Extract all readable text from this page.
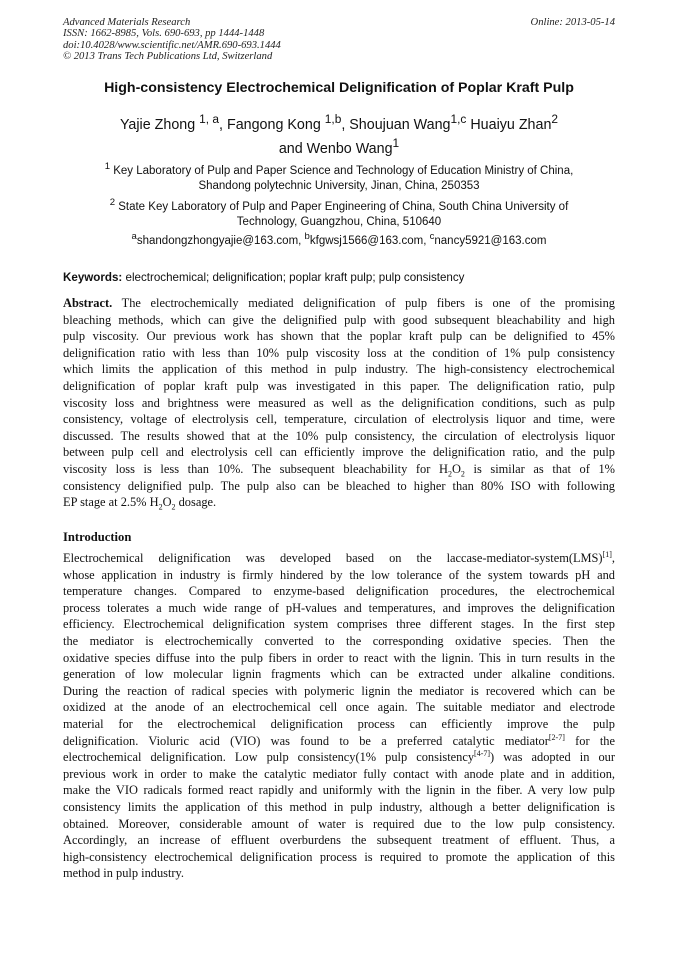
Advanced Materials Research
ISSN: 1662-8985, Vols. 690-693, pp 1444-1448
doi:10.4028/www.scientific.net/AMR.690-693.1444
© 2013 Trans Tech Publications Ltd, Switzerland
Online: 2013-05-14
High-consistency Electrochemical Delignification of Poplar Kraft Pulp
Yajie Zhong $^{1, a}$, Fangong Kong $^{1,b}$, Shoujuan Wang$^{1,c}$ Huaiyu Zhan$^2$
and Wenbo Wang$^1$
$^1$ Key Laboratory of Pulp and Paper Science and Technology of Education Ministry of China,
Shandong polytechnic University, Jinan, China, 250353
$^2$ State Key Laboratory of Pulp and Paper Engineering of China, South China University of
Technology, Guangzhou, China, 510640
$^a$shandongzhongyajie@163.com, $^b$kfgwsj1566@163.com, $^c$nancy5921@163.com
Keywords: electrochemical; delignification; poplar kraft pulp; pulp consistency
Abstract. The electrochemically mediated delignification of pulp fibers is one of the promising
bleaching methods, which can give the delignified pulp with good subsequent bleachability and high
pulp viscosity. Our previous work has shown that the poplar kraft pulp can be delignified to 45%
delignification ratio with less than 10% pulp viscosity loss at the condition of 1% pulp consistency
which limits the application of this method in pulp industry. The high-consistency electrochemical
delignification of poplar kraft pulp was investigated in this paper. The delignification ratio, pulp
viscosity loss and brightness were measured as well as the delignification conditions, such as pulp
consistency, voltage of electrolysis cell, temperature, circulation of electrolysis liquor and time, were
discussed. The results showed that at the 10% pulp consistency, the circulation of electrolysis liquor
between pulp cell and electrolysis cell can efficiently improve the delignification ratio, and the pulp
viscosity loss is less than 10%. The subsequent bleachability for $H_2O_2$ is similar as that of 1%
consistency delignified pulp. The pulp also can be bleached to higher than 80% ISO with following
EP stage at 2.5% $H_2O_2$ dosage.
Introduction
Electrochemical delignification was developed based on the laccase-mediator-system(LMS)[1],
whose application in industry is firmly hindered by the low tolerance of the system towards pH and
temperature changes. Compared to enzyme-based delignification procedures, the electrochemical
process tolerates a much wide range of pH-values and temperatures, and improves the delignification
efficiency. Electrochemical delignification system comprises three different stages. In the first step
the mediator is electrochemically converted to the corresponding oxidative species. Then the
oxidative species diffuse into the pulp fibers in order to react with the lignin. This in turn results in the
generation of low molecular lignin fragments which can be extracted under alkaline conditions.
During the reaction of radical species with polymeric lignin the mediator is recovered which can be
oxidized at the anode of an electrochemical cell once again. The suitable mediator and electrode
material for the electrochemical delignification process can efficiently improve the pulp
delignification. Violuric acid (VIO) was found to be a preferred catalytic mediator[2-7] for the
electrochemical delignification. Low pulp consistency(1% pulp consistency[4-7]) was adopted in our
previous work in order to make the catalytic mediator fully contact with anode plate and in addition,
make the VIO radicals formed react rapidly and uniformly with the lignin in the fiber. A very low pulp
consistency limits the application of this method in pulp industry, although a better delignification is
obtained. Moreover, considerable amount of water is required due to the low pulp consistency.
Accordingly, an increase of effluent overburdens the subsequent treatment of effluent. Thus, a
high-consistency electrochemical delignification process is required to promote the application of this
method in pulp industry.
